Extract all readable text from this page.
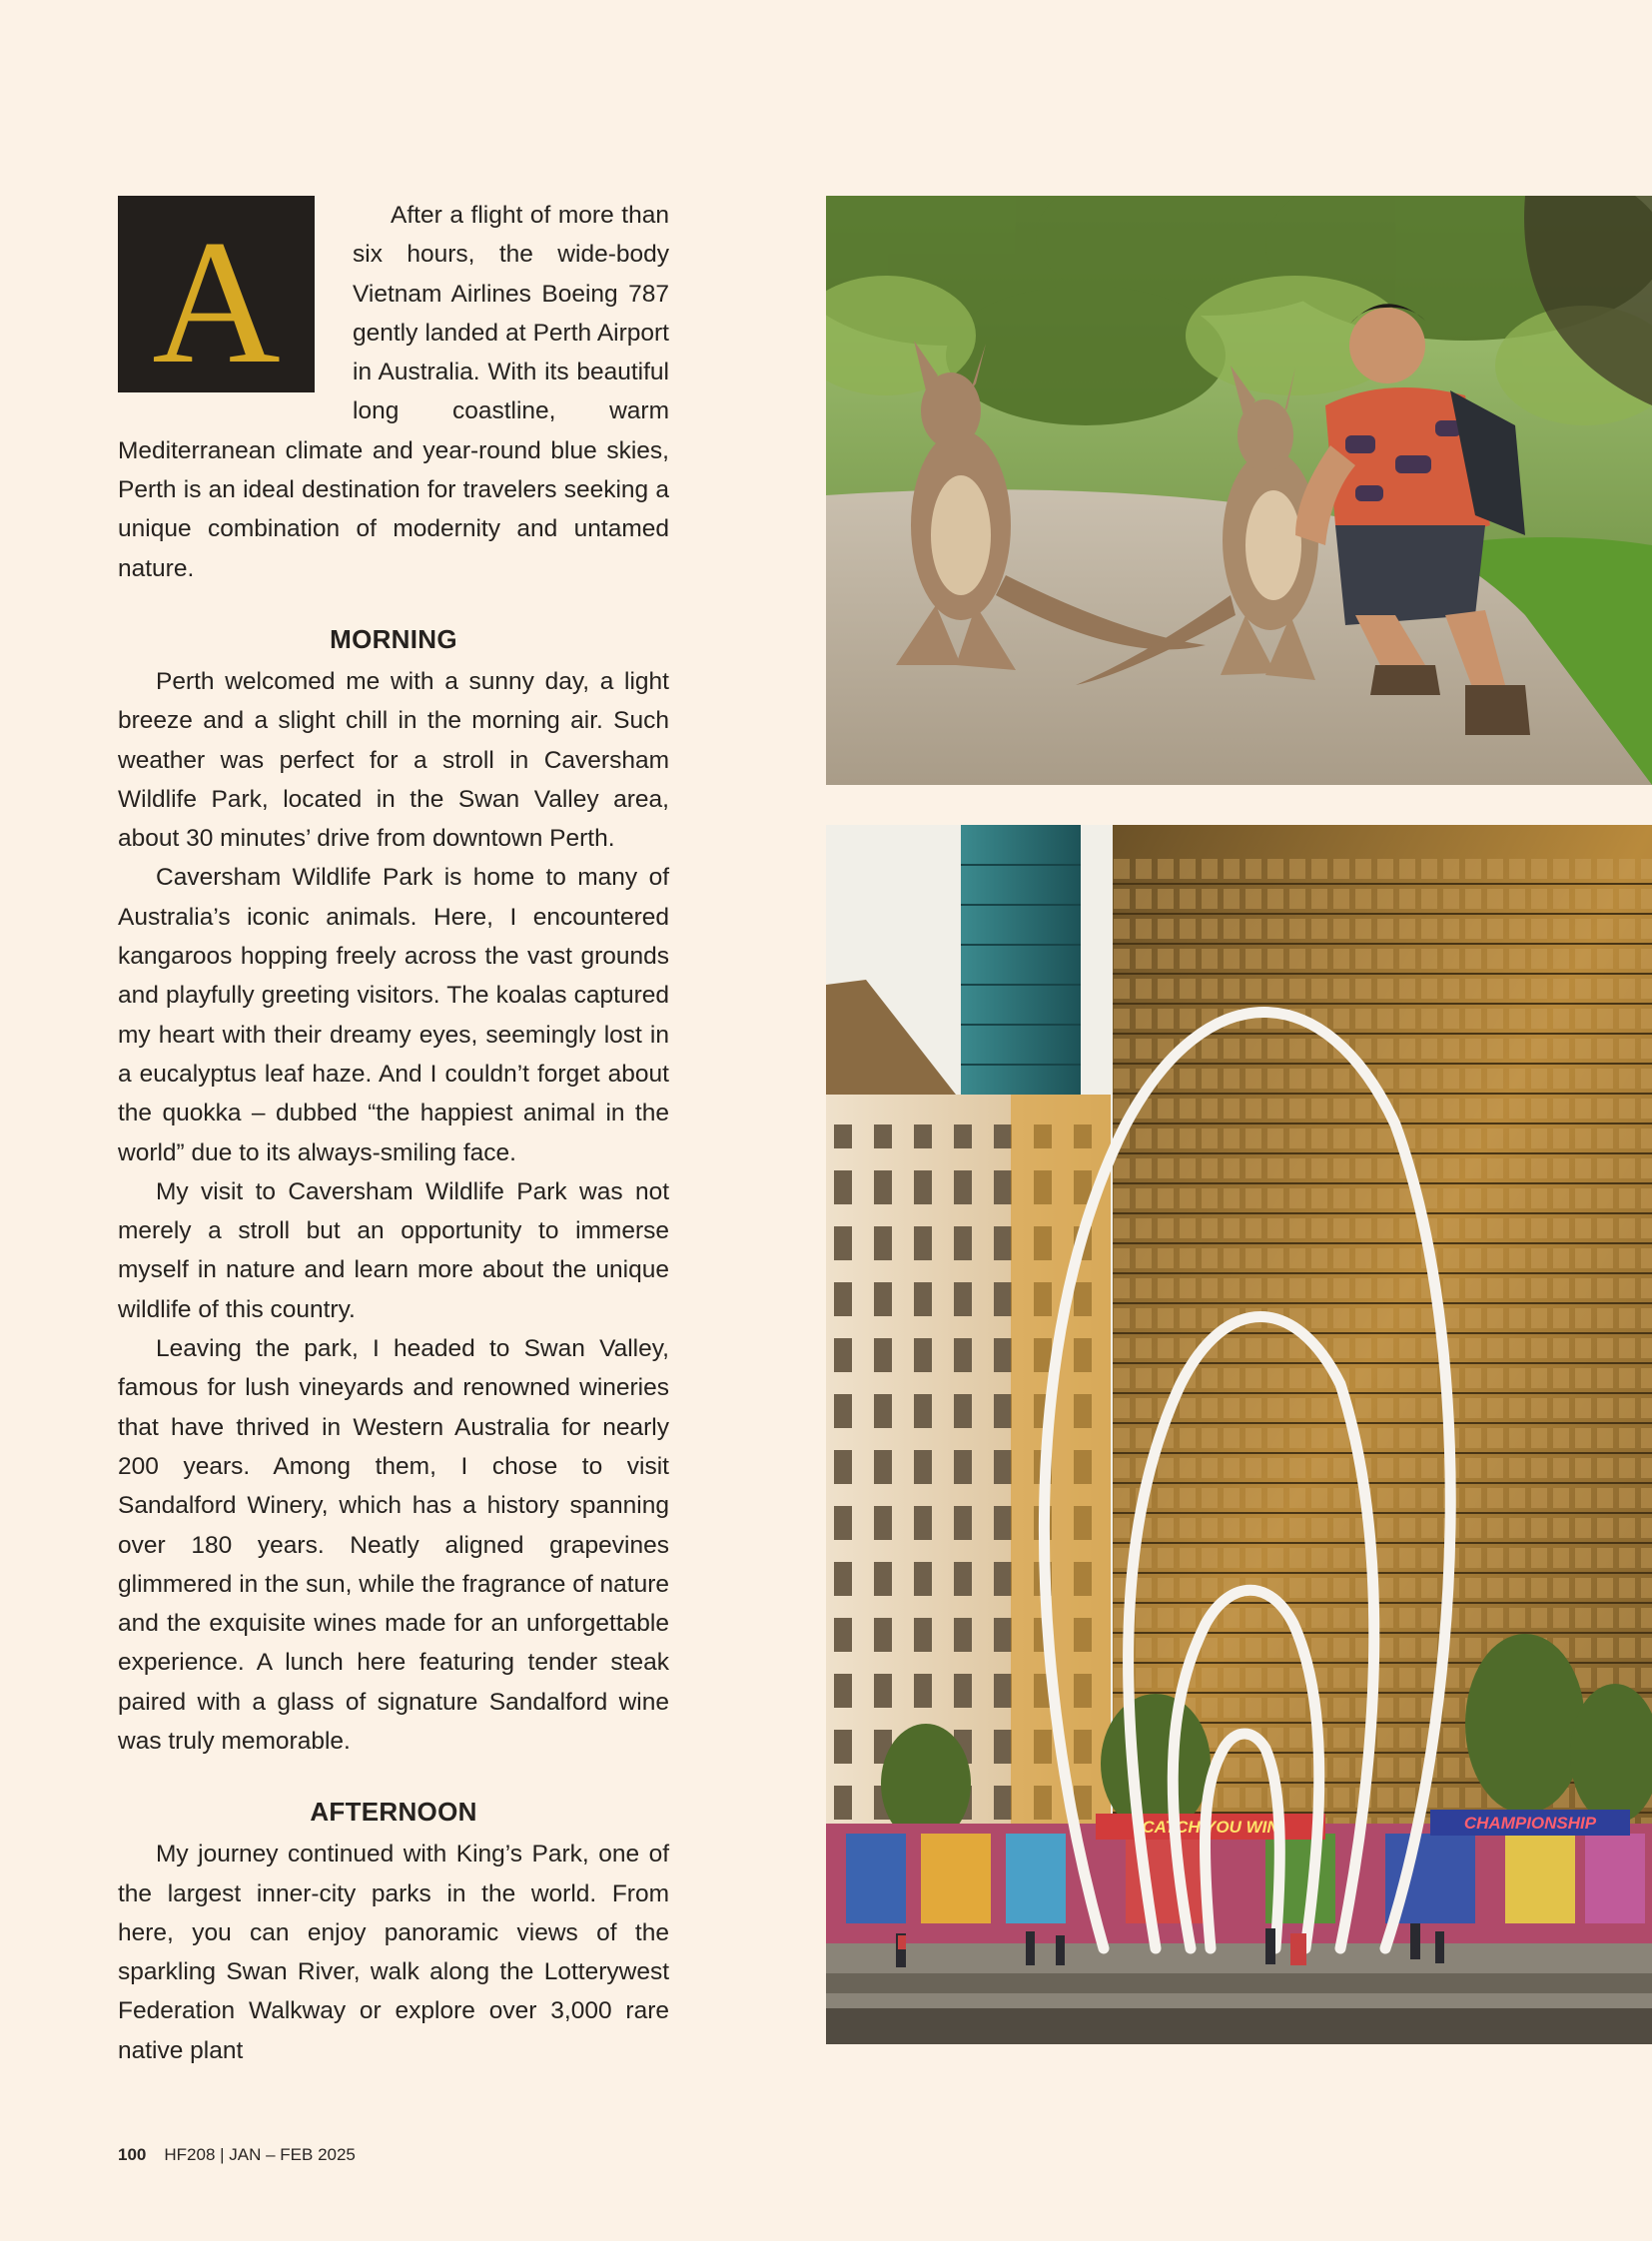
A	After a flight of more than six hours, the wide-body Vietnam Airlines Boeing 787 gently landed at Perth Airport in Australia. With its beautiful long coastline, warm Mediterranean climate and year-round blue skies, Perth is an ideal destination for travelers seeking a unique combination of modernity and untamed nature.

MORNING

Perth welcomed me with a sunny day, a light breeze and a slight chill in the morning air. Such weather was perfect for a stroll in Caversham Wildlife Park, located in the Swan Valley area, about 30 minutes’ drive from downtown Perth.

Caversham Wildlife Park is home to many of Australia’s iconic animals. Here, I encountered kangaroos hopping freely across the vast grounds and playfully greeting visitors. The koalas captured my heart with their dreamy eyes, seemingly lost in a eucalyptus leaf haze. And I couldn’t forget about the quokka – dubbed “the happiest animal in the world” due to its always-smiling face.

My visit to Caversham Wildlife Park was not merely a stroll but an opportunity to immerse myself in nature and learn more about the unique wildlife of this country.

Leaving the park, I headed to Swan Valley, famous for lush vineyards and renowned wineries that have thrived in Western Australia for nearly 200 years. Among them, I chose to visit Sandalford Winery, which has a history spanning over 180 years. Neatly aligned grapevines glimmered in the sun, while the fragrance of nature and the exquisite wines made for an unforgettable experience. A lunch here featuring tender steak paired with a glass of signature Sandalford wine was truly memorable.

AFTERNOON

My journey continued with King’s Park, one of the largest inner-city parks in the world. From here, you can enjoy panoramic views of the sparkling Swan River, walk along the Lotterywest Federation Walkway or explore over 3,000 rare native plant

CATCH YOU WIN	CHAMPIONSHIP
100 HF208 | JAN – FEB 2025
